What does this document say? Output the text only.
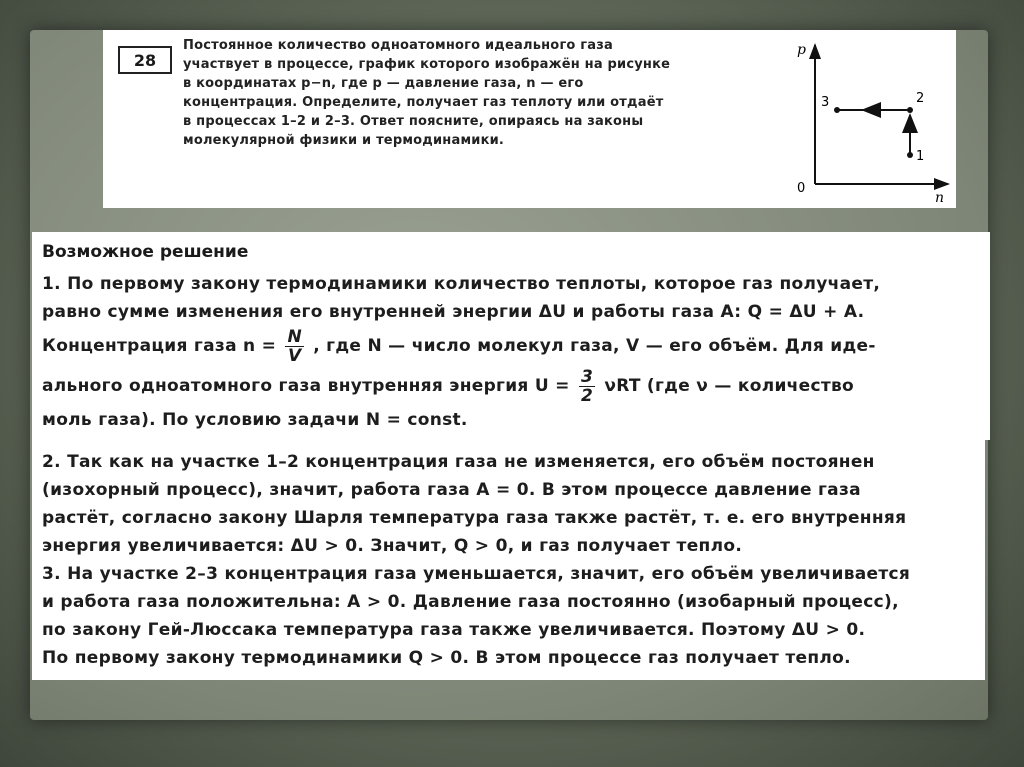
28

Постоянное количество одноатомного идеального газа

участвует в процессе, график которого изображён на рисунке

в координатах p−n, где p — давление газа, n — его

концентрация. Определите, получает газ теплоту или отдаёт

в процессах 1–2 и 2–3. Ответ поясните, опираясь на законы

молекулярной физики и термодинамики.

p
n
0
1
2
3
Возможное решение

1. По первому закону термодинамики количество теплоты, которое газ получает,

равно сумме изменения его внутренней энергии ΔU и работы газа A: Q = ΔU + A.

Концентрация газа $n = \frac{N}{V}$ , где N — число молекул газа, V — его объём. Для иде-

ального одноатомного газа внутренняя энергия $U = \frac{3}{2}$ νRT (где ν — количество

моль газа). По условию задачи N = const.

2. Так как на участке 1–2 концентрация газа не изменяется, его объём постоянен

(изохорный процесс), значит, работа газа A = 0. В этом процессе давление газа

растёт, согласно закону Шарля температура газа также растёт, т. е. его внутренняя

энергия увеличивается: ΔU > 0. Значит, Q > 0, и газ получает тепло.

3. На участке 2–3 концентрация газа уменьшается, значит, его объём увеличивается

и работа газа положительна: A > 0. Давление газа постоянно (изобарный процесс),

по закону Гей-Люссака температура газа также увеличивается. Поэтому ΔU > 0.

По первому закону термодинамики Q > 0. В этом процессе газ получает тепло.
